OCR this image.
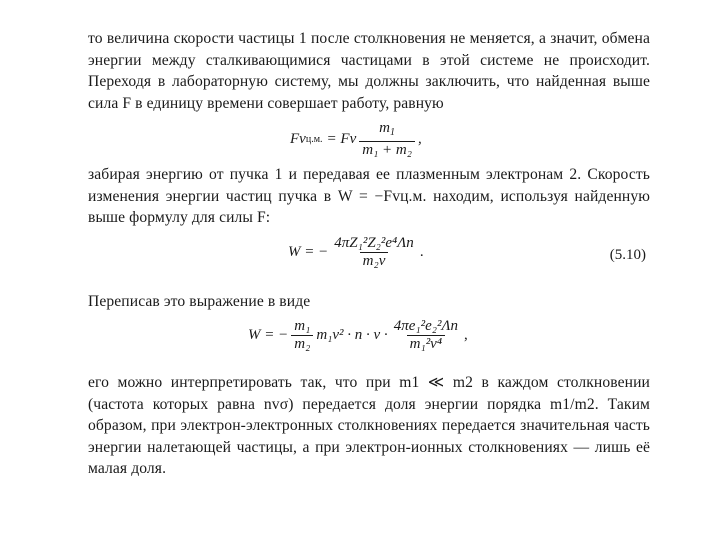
то величина скорости частицы 1 после столкновения не меняется, а значит, обмена энергии между сталкивающимися частицами в этой системе не происходит. Переходя в лабораторную систему, мы должны заключить, что найденная выше сила F в единицу времени совершает работу, равную

F v ц.м. = Fv $\frac{m_1}{\text{m₁ + m₂}}$ ,

забирая энергию от пучка 1 и передавая ее плазменным электронам 2. Скорость изменения энергии частиц пучка в W = −Fvц.м. находим, используя найденную выше формулу для силы F:

W = − $\frac{\text{4πZ₁²Z₂²e⁴Λn}}{\text{m₂v}}$ .	(5.10)

Переписав это выражение в виде

W = − $\frac{\text{m₁}}{\text{m₂}} m_1v^2 \cdot n \cdot v \cdot \frac{\text{4πe₁²e₂²Λn}}{\text{m₁²v⁴}}$ ,

его можно интерпретировать так, что при m1 ≪ m2 в каждом столкновении (частота которых равна nvσ) передается доля энергии порядка m1/m2. Таким образом, при электрон-электронных столкновениях передается значительная часть энергии налетающей частицы, а при электрон-ионных столкновениях — лишь её малая доля.
